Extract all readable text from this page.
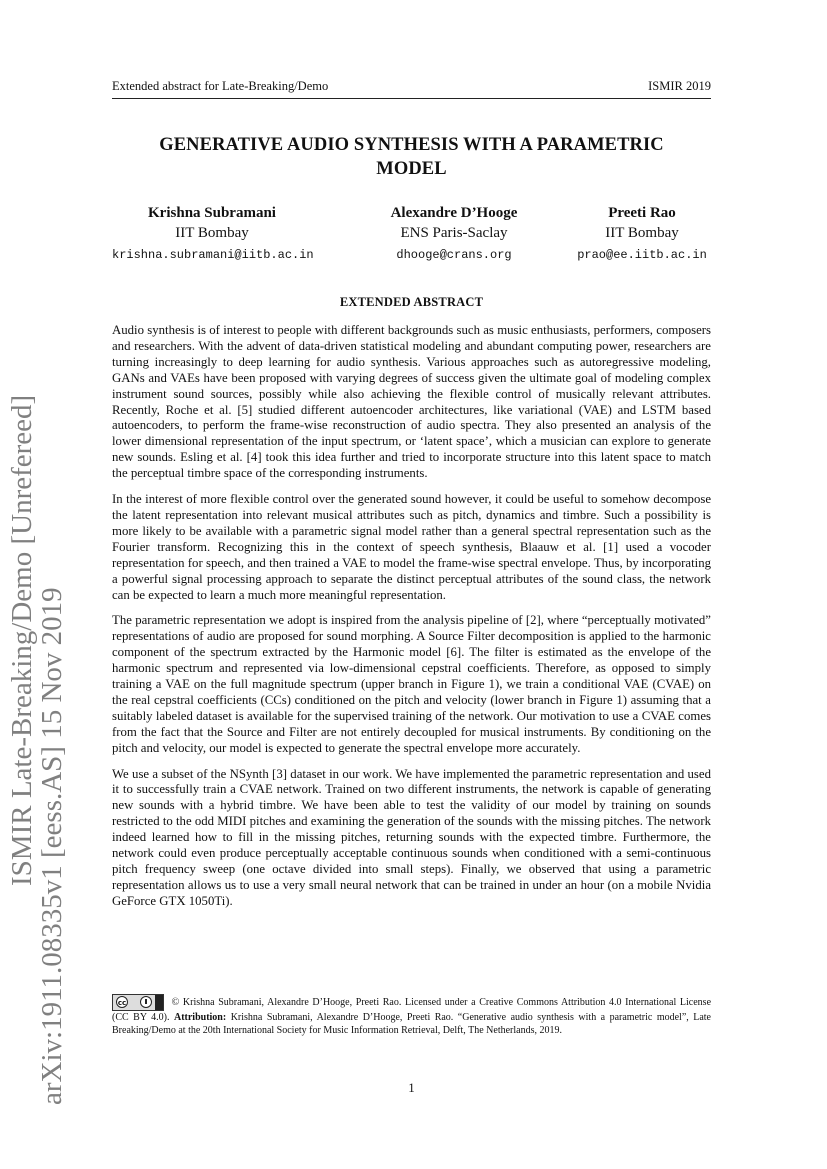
Extended abstract for Late-Breaking/Demo	ISMIR 2019
arXiv:1911.08335v1 [eess.AS] 15 Nov 2019
ISMIR Late-Breaking/Demo [Unrefereed]
GENERATIVE AUDIO SYNTHESIS WITH A PARAMETRIC
MODEL
Krishna Subramani
IIT Bombay
krishna.subramani@iitb.ac.in
Alexandre D’Hooge
ENS Paris-Saclay
dhooge@crans.org
Preeti Rao
IIT Bombay
prao@ee.iitb.ac.in
EXTENDED ABSTRACT

Audio synthesis is of interest to people with different backgrounds such as music enthusiasts, performers, composers and researchers. With the advent of data-driven statistical modeling and abundant computing power, researchers are turning increasingly to deep learning for audio synthesis. Various approaches such as autoregressive modeling, GANs and VAEs have been proposed with varying degrees of success given the ultimate goal of modeling complex instrument sound sources, possibly while also achieving the flexible control of musically relevant attributes. Recently, Roche et al. [5] studied different autoencoder architectures, like variational (VAE) and LSTM based autoencoders, to perform the frame-wise reconstruction of audio spectra. They also presented an analysis of the lower dimensional representation of the input spectrum, or ‘latent space’, which a musician can explore to generate new sounds. Esling et al. [4] took this idea further and tried to incorporate structure into this latent space to match the perceptual timbre space of the corresponding instruments.

In the interest of more flexible control over the generated sound however, it could be useful to somehow decompose the latent representation into relevant musical attributes such as pitch, dynamics and timbre. Such a possibility is more likely to be available with a parametric signal model rather than a general spectral representation such as the Fourier transform. Recognizing this in the context of speech synthesis, Blaauw et al. [1] used a vocoder representation for speech, and then trained a VAE to model the frame-wise spectral envelope. Thus, by incorporating a powerful signal processing approach to separate the distinct perceptual attributes of the sound class, the network can be expected to learn a much more meaningful representation.

The parametric representation we adopt is inspired from the analysis pipeline of [2], where “perceptually motivated” representations of audio are proposed for sound morphing. A Source Filter decomposition is applied to the harmonic component of the spectrum extracted by the Harmonic model [6]. The filter is estimated as the envelope of the harmonic spectrum and represented via low-dimensional cepstral coefficients. Therefore, as opposed to simply training a VAE on the full magnitude spectrum (upper branch in Figure 1), we train a conditional VAE (CVAE) on the real cepstral coefficients (CCs) conditioned on the pitch and velocity (lower branch in Figure 1) assuming that a suitably labeled dataset is available for the supervised training of the network. Our motivation to use a CVAE comes from the fact that the Source and Filter are not entirely decoupled for musical instruments. By conditioning on the pitch and velocity, our model is expected to generate the spectral envelope more accurately.

We use a subset of the NSynth [3] dataset in our work. We have implemented the parametric representation and used it to successfully train a CVAE network. Trained on two different instruments, the network is capable of generating new sounds with a hybrid timbre. We have been able to test the validity of our model by training on sounds restricted to the odd MIDI pitches and examining the generation of the sounds with the missing pitches. The network indeed learned how to fill in the missing pitches, returning sounds with the expected timbre. Furthermore, the network could even produce perceptually acceptable continuous sounds when conditioned with a semi-continuous pitch frequency sweep (one octave divided into small steps). Finally, we observed that using a parametric representation allows us to use a very small neural network that can be trained in under an hour (on a mobile Nvidia GeForce GTX 1050Ti).

cc	© Krishna Subramani, Alexandre D’Hooge, Preeti Rao. Licensed under a Creative Commons Attribution 4.0 International License (CC BY 4.0). Attribution: Krishna Subramani, Alexandre D’Hooge, Preeti Rao. “Generative audio synthesis with a parametric model”, Late Breaking/Demo at the 20th International Society for Music Information Retrieval, Delft, The Netherlands, 2019.
1
